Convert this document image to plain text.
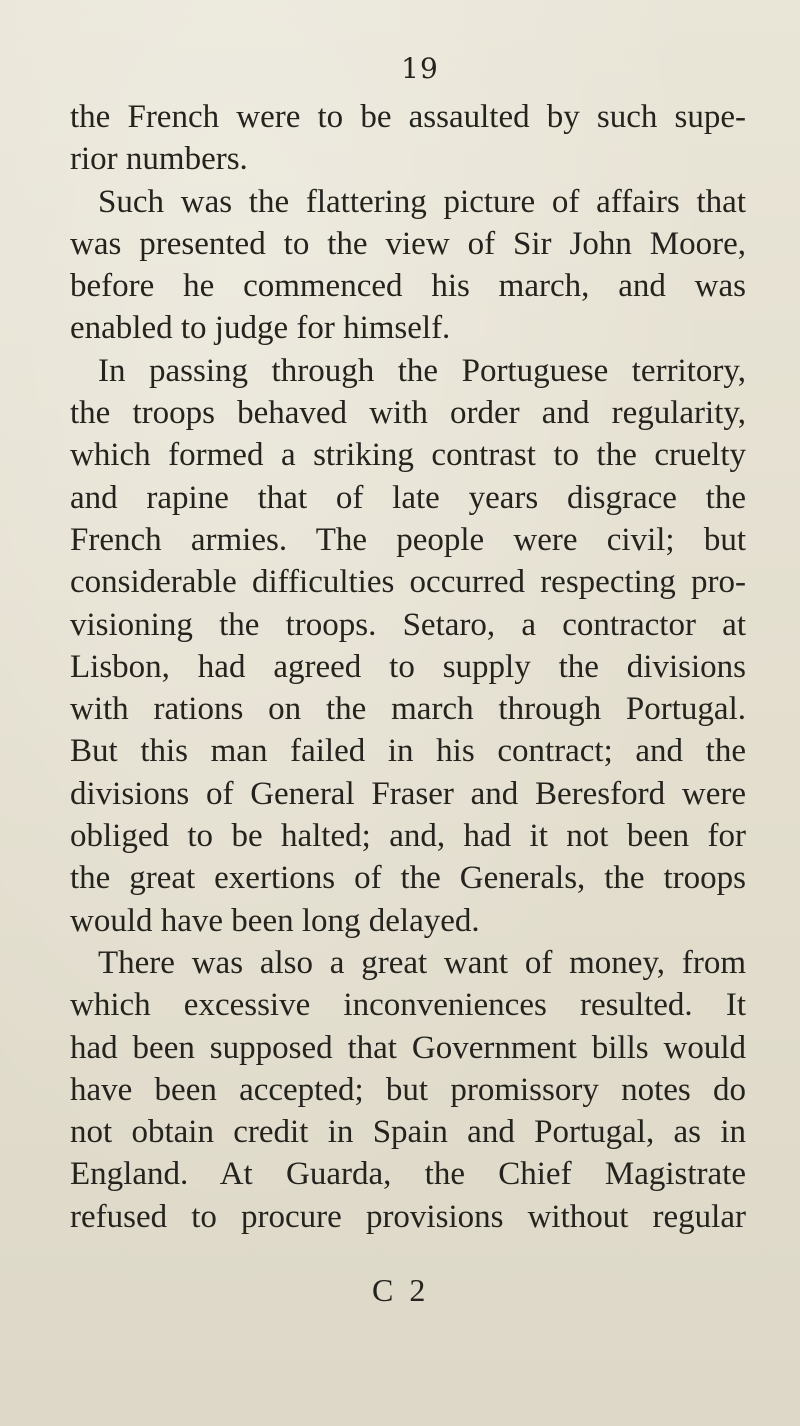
19
the French were to be assaulted by such supe-
rior numbers.
Such was the flattering picture of affairs that
was presented to the view of Sir John Moore,
before he commenced his march, and was
enabled to judge for himself.
In passing through the Portuguese territory,
the troops behaved with order and regularity,
which formed a striking contrast to the cruelty
and rapine that of late years disgrace the
French armies. The people were civil; but
considerable difficulties occurred respecting pro-
visioning the troops. Setaro, a contractor at
Lisbon, had agreed to supply the divisions
with rations on the march through Portugal.
But this man failed in his contract; and the
divisions of General Fraser and Beresford were
obliged to be halted; and, had it not been for
the great exertions of the Generals, the troops
would have been long delayed.
There was also a great want of money, from
which excessive inconveniences resulted. It
had been supposed that Government bills would
have been accepted; but promissory notes do
not obtain credit in Spain and Portugal, as in
England. At Guarda, the Chief Magistrate
refused to procure provisions without regular
C 2
